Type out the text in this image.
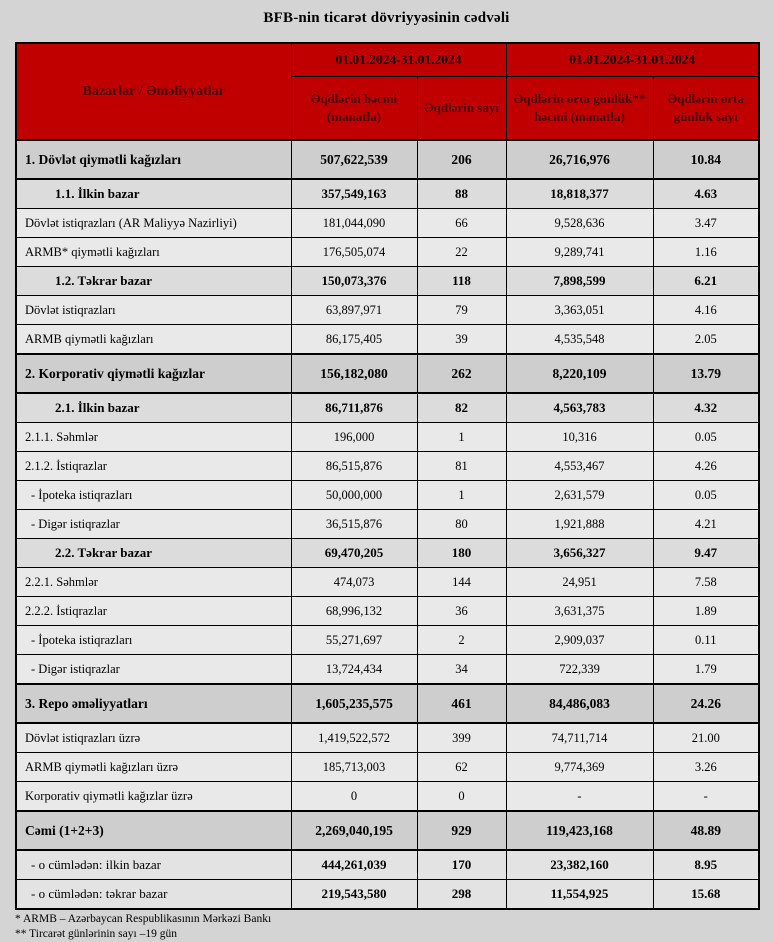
BFB-nin ticarət dövriyyəsinin cədvəli
Bazarlar / Əməliyyatlar	01.01.2024-31.01.2024		01.01.2024-31.01.2024	
	Əqdlərin həcmi (manatla)	Əqdlərin sayı	Əqdlərin orta günlük** həcmi (manatla)	Əqdlərin orta günlük sayı
1. Dövlət qiymətli kağızları	507,622,539	206	26,716,976	10.84
1.1. İlkin bazar	357,549,163	88	18,818,377	4.63
Dövlət istiqrazları (AR Maliyyə Nazirliyi)	181,044,090	66	9,528,636	3.47
ARMB* qiymətli kağızları	176,505,074	22	9,289,741	1.16
1.2. Təkrar bazar	150,073,376	118	7,898,599	6.21
Dövlət istiqrazları	63,897,971	79	3,363,051	4.16
ARMB qiymətli kağızları	86,175,405	39	4,535,548	2.05
2. Korporativ qiymətli kağızlar	156,182,080	262	8,220,109	13.79
2.1. İlkin bazar	86,711,876	82	4,563,783	4.32
2.1.1. Səhmlər	196,000	1	10,316	0.05
2.1.2. İstiqrazlar	86,515,876	81	4,553,467	4.26
- İpoteka istiqrazları	50,000,000	1	2,631,579	0.05
- Digər istiqrazlar	36,515,876	80	1,921,888	4.21
2.2. Təkrar bazar	69,470,205	180	3,656,327	9.47
2.2.1. Səhmlər	474,073	144	24,951	7.58
2.2.2. İstiqrazlar	68,996,132	36	3,631,375	1.89
- İpoteka istiqrazları	55,271,697	2	2,909,037	0.11
- Digər istiqrazlar	13,724,434	34	722,339	1.79
3. Repo əməliyyatları	1,605,235,575	461	84,486,083	24.26
Dövlət istiqrazları üzrə	1,419,522,572	399	74,711,714	21.00
ARMB qiymətli kağızları üzrə	185,713,003	62	9,774,369	3.26
Korporativ qiymətli kağızlar üzrə	0	0	-	-
Cəmi (1+2+3)	2,269,040,195	929	119,423,168	48.89
- o cümlədən: ilkin bazar	444,261,039	170	23,382,160	8.95
- o cümlədən: təkrar bazar	219,543,580	298	11,554,925	15.68
* ARMB – Azərbaycan Respublikasının Mərkəzi Bankı
** Tircarət günlərinin sayı –19 gün
